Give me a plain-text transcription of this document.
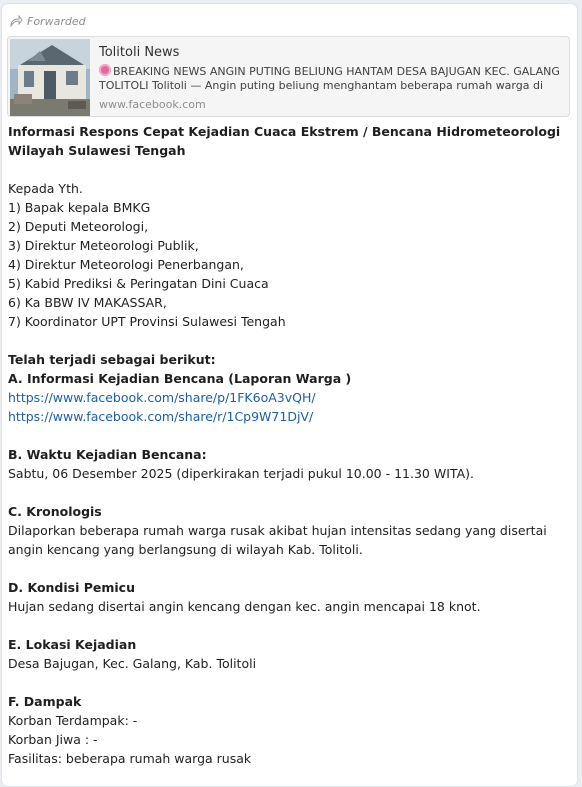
Forwarded
Tolitoli News
BREAKING NEWS ANGIN PUTING BELIUNG HANTAM DESA BAJUGAN KEC. GALANG TOLITOLI Tolitoli — Angin puting beliung menghantam beberapa rumah warga di
www.facebook.com
Informasi Respons Cepat Kejadian Cuaca Ekstrem / Bencana Hidrometeorologi Wilayah Sulawesi Tengah
Kepada Yth.
1) Bapak kepala BMKG
2) Deputi Meteorologi,
3) Direktur Meteorologi Publik,
4) Direktur Meteorologi Penerbangan,
5) Kabid Prediksi & Peringatan Dini Cuaca
6) Ka BBW IV MAKASSAR,
7) Koordinator UPT Provinsi Sulawesi Tengah
Telah terjadi sebagai berikut:
A. Informasi Kejadian Bencana (Laporan Warga )
https://www.facebook.com/share/p/1FK6oA3vQH/
https://www.facebook.com/share/r/1Cp9W71DjV/
B. Waktu Kejadian Bencana:
Sabtu, 06 Desember 2025 (diperkirakan terjadi pukul 10.00 - 11.30 WITA).
C. Kronologis
Dilaporkan beberapa rumah warga rusak akibat hujan intensitas sedang yang disertai angin kencang yang berlangsung di wilayah Kab. Tolitoli.
D. Kondisi Pemicu
Hujan sedang disertai angin kencang dengan kec. angin mencapai 18 knot.
E. Lokasi Kejadian
Desa Bajugan, Kec. Galang, Kab. Tolitoli
F. Dampak
Korban Terdampak: -
Korban Jiwa : -
Fasilitas: beberapa rumah warga rusak
